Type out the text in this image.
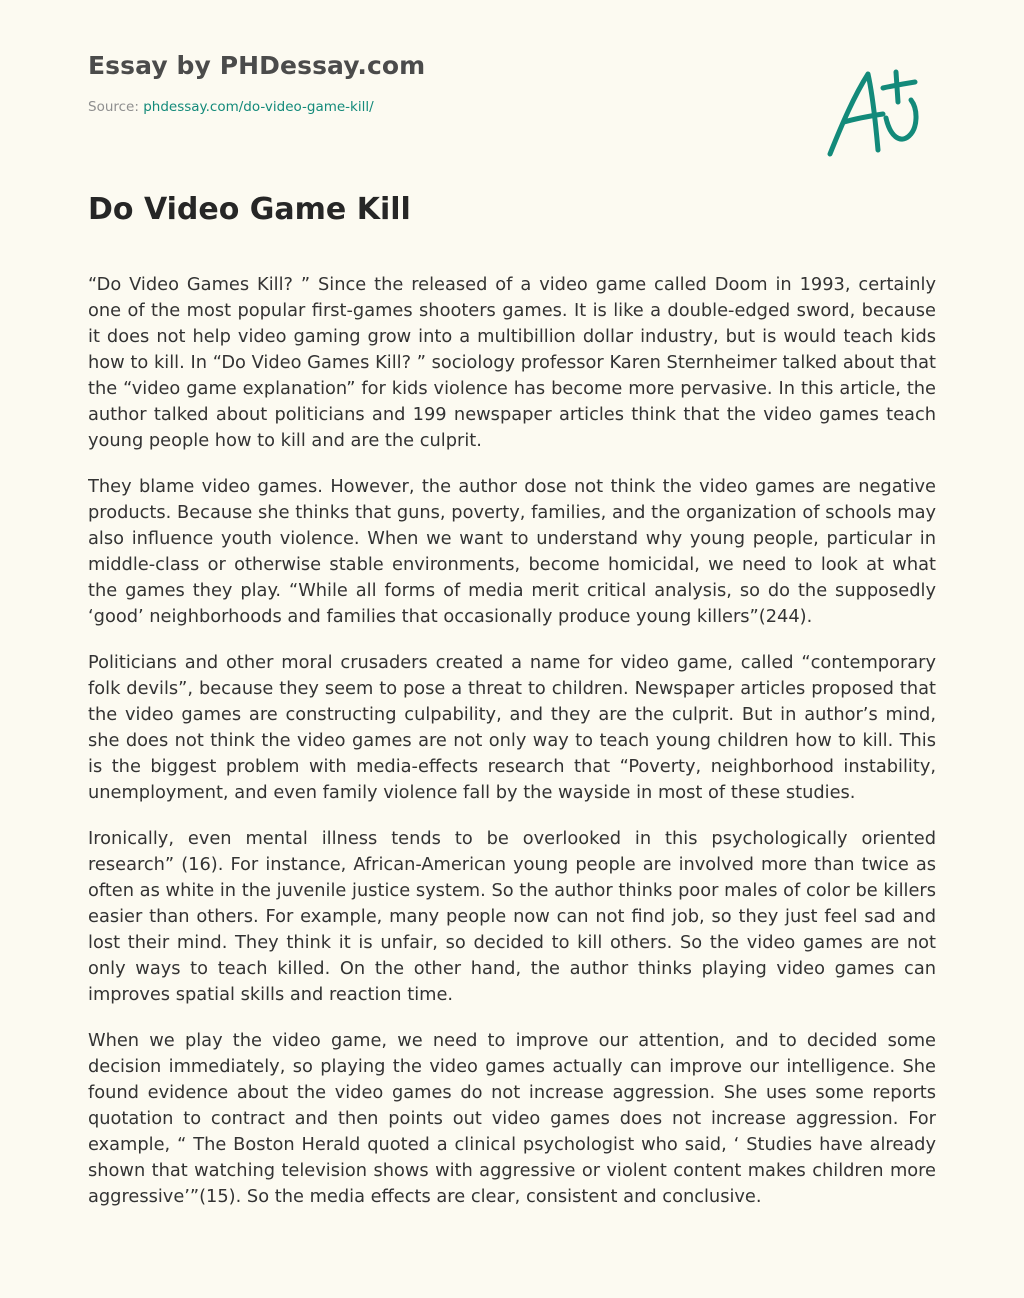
Essay by PHDessay.com
Source: phdessay.com/do-video-game-kill/
Do Video Game Kill

“Do Video Games Kill? ” Since the released of a video game called Doom in 1993, certainly one of the most popular first-games shooters games. It is like a double-edged sword, because it does not help video gaming grow into a multibillion dollar industry, but is would teach kids how to kill. In “Do Video Games Kill? ” sociology professor Karen Sternheimer talked about that the “video game explanation” for kids violence has become more pervasive. In this article, the author talked about politicians and 199 newspaper articles think that the video games teach young people how to kill and are the culprit.

They blame video games. However, the author dose not think the video games are negative products. Because she thinks that guns, poverty, families, and the organization of schools may also influence youth violence. When we want to understand why young people, particular in middle-class or otherwise stable environments, become homicidal, we need to look at what the games they play. “While all forms of media merit critical analysis, so do the supposedly ‘good’ neighborhoods and families that occasionally produce young killers”(244).

Politicians and other moral crusaders created a name for video game, called “contemporary folk devils”, because they seem to pose a threat to children. Newspaper articles proposed that the video games are constructing culpability, and they are the culprit. But in author’s mind, she does not think the video games are not only way to teach young children how to kill. This is the biggest problem with media-effects research that “Poverty, neighborhood instability, unemployment, and even family violence fall by the wayside in most of these studies.

Ironically, even mental illness tends to be overlooked in this psychologically oriented research” (16). For instance, African-American young people are involved more than twice as often as white in the juvenile justice system. So the author thinks poor males of color be killers easier than others. For example, many people now can not find job, so they just feel sad and lost their mind. They think it is unfair, so decided to kill others. So the video games are not only ways to teach killed. On the other hand, the author thinks playing video games can improves spatial skills and reaction time.

When we play the video game, we need to improve our attention, and to decided some decision immediately, so playing the video games actually can improve our intelligence. She found evidence about the video games do not increase aggression. She uses some reports quotation to contract and then points out video games does not increase aggression. For example, “ The Boston Herald quoted a clinical psychologist who said, ‘ Studies have already shown that watching television shows with aggressive or violent content makes children more aggressive’”(15). So the media effects are clear, consistent and conclusive.
